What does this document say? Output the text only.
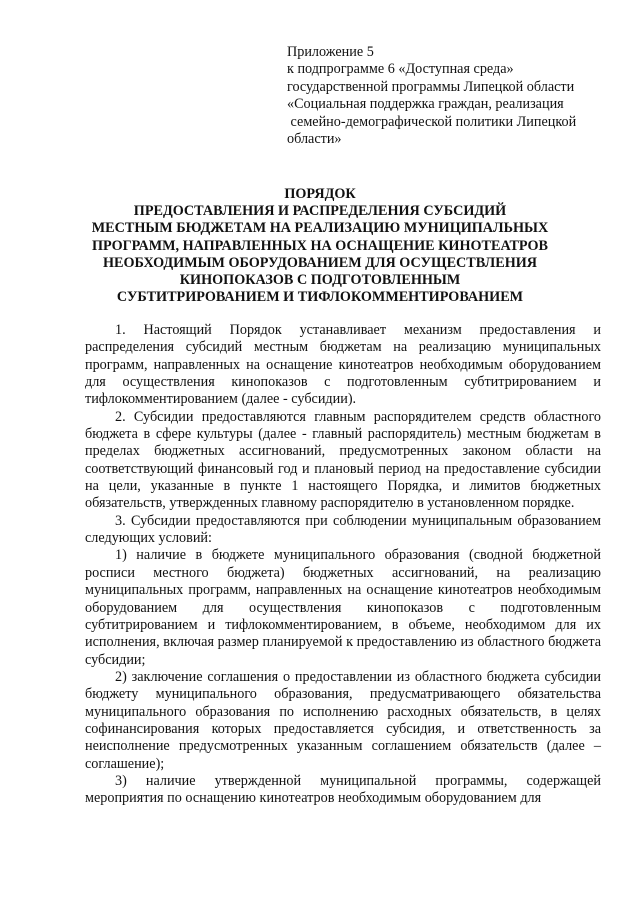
Приложение 5
к подпрограмме 6 «Доступная среда»
государственной программы Липецкой области
«Социальная поддержка граждан, реализация
семейно-демографической политики Липецкой
области»
ПОРЯДОК
ПРЕДОСТАВЛЕНИЯ И РАСПРЕДЕЛЕНИЯ СУБСИДИЙ
МЕСТНЫМ БЮДЖЕТАМ НА РЕАЛИЗАЦИЮ МУНИЦИПАЛЬНЫХ
ПРОГРАММ, НАПРАВЛЕННЫХ НА ОСНАЩЕНИЕ КИНОТЕАТРОВ
НЕОБХОДИМЫМ ОБОРУДОВАНИЕМ ДЛЯ ОСУЩЕСТВЛЕНИЯ
КИНОПОКАЗОВ С ПОДГОТОВЛЕННЫМ
СУБТИТРИРОВАНИЕМ И ТИФЛОКОММЕНТИРОВАНИЕМ

1. Настоящий Порядок устанавливает механизм предоставления и распределения субсидий местным бюджетам на реализацию муниципальных программ, направленных на оснащение кинотеатров необходимым оборудованием для осуществления кинопоказов с подготовленным субтитрированием и тифлокомментированием (далее - субсидии).

2. Субсидии предоставляются главным распорядителем средств областного бюджета в сфере культуры (далее - главный распорядитель) местным бюджетам в пределах бюджетных ассигнований, предусмотренных законом области на соответствующий финансовый год и плановый период на предоставление субсидии на цели, указанные в пункте 1 настоящего Порядка, и лимитов бюджетных обязательств, утвержденных главному распорядителю в установленном порядке.

3. Субсидии предоставляются при соблюдении муниципальным образованием следующих условий:

1) наличие в бюджете муниципального образования (сводной бюджетной росписи местного бюджета) бюджетных ассигнований, на реализацию муниципальных программ, направленных на оснащение кинотеатров необходимым оборудованием для осуществления кинопоказов с подготовленным субтитрированием и тифлокомментированием, в объеме, необходимом для их исполнения, включая размер планируемой к предоставлению из областного бюджета субсидии;

2) заключение соглашения о предоставлении из областного бюджета субсидии бюджету муниципального образования, предусматривающего обязательства муниципального образования по исполнению расходных обязательств, в целях софинансирования которых предоставляется субсидия, и ответственность за неисполнение предусмотренных указанным соглашением обязательств (далее – соглашение);

3) наличие утвержденной муниципальной программы, содержащей мероприятия по оснащению кинотеатров необходимым оборудованием для
